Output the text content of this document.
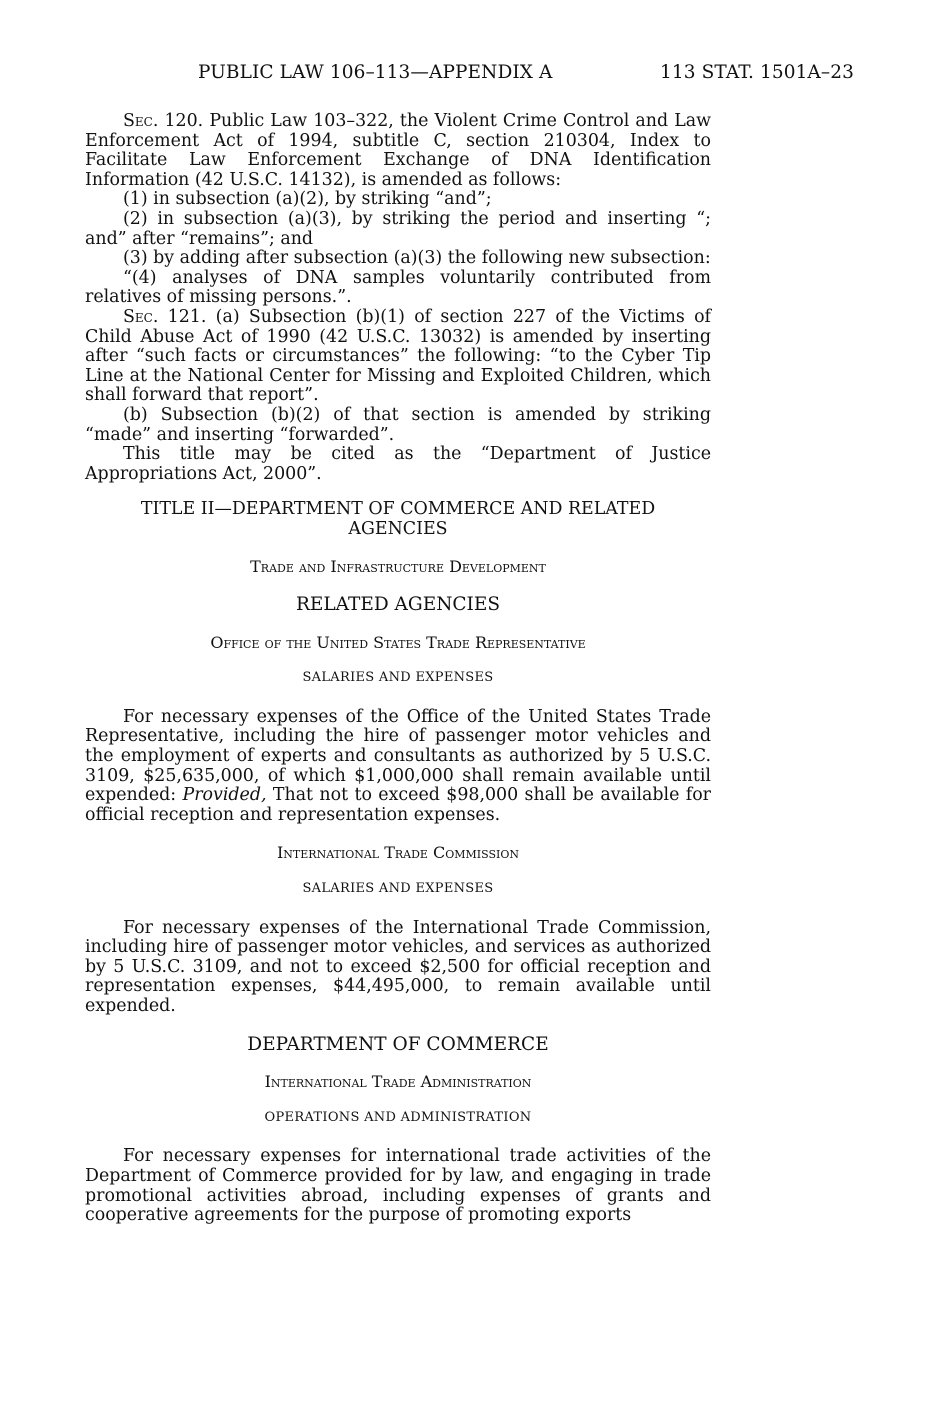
PUBLIC LAW 106–113—APPENDIX A	113 STAT. 1501A–23

Sec. 120. Public Law 103–322, the Violent Crime Control and Law Enforcement Act of 1994, subtitle C, section 210304, Index to Facilitate Law Enforcement Exchange of DNA Identification Information (42 U.S.C. 14132), is amended as follows:

(1) in subsection (a)(2), by striking “and”;

(2) in subsection (a)(3), by striking the period and inserting “; and” after “remains”; and

(3) by adding after subsection (a)(3) the following new subsection:

“(4) analyses of DNA samples voluntarily contributed from relatives of missing persons.”.

Sec. 121. (a) Subsection (b)(1) of section 227 of the Victims of Child Abuse Act of 1990 (42 U.S.C. 13032) is amended by inserting after “such facts or circumstances” the following: “to the Cyber Tip Line at the National Center for Missing and Exploited Children, which shall forward that report”.

(b) Subsection (b)(2) of that section is amended by striking “made” and inserting “forwarded”.

This title may be cited as the “Department of Justice Appropriations Act, 2000”.

TITLE II—DEPARTMENT OF COMMERCE AND RELATED AGENCIES
Trade and Infrastructure Development
RELATED AGENCIES
Office of the United States Trade Representative
SALARIES AND EXPENSES

For necessary expenses of the Office of the United States Trade Representative, including the hire of passenger motor vehicles and the employment of experts and consultants as authorized by 5 U.S.C. 3109, $25,635,000, of which $1,000,000 shall remain available until expended: Provided, That not to exceed $98,000 shall be available for official reception and representation expenses.

International Trade Commission
SALARIES AND EXPENSES

For necessary expenses of the International Trade Commission, including hire of passenger motor vehicles, and services as authorized by 5 U.S.C. 3109, and not to exceed $2,500 for official reception and representation expenses, $44,495,000, to remain available until expended.

DEPARTMENT OF COMMERCE
International Trade Administration
OPERATIONS AND ADMINISTRATION

For necessary expenses for international trade activities of the Department of Commerce provided for by law, and engaging in trade promotional activities abroad, including expenses of grants and cooperative agreements for the purpose of promoting exports
